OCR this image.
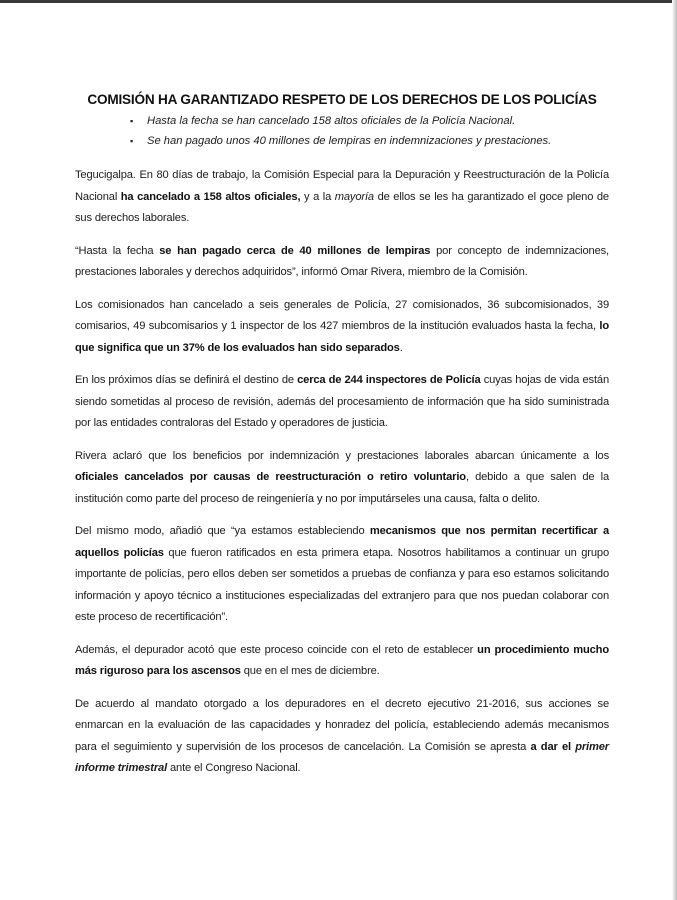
COMISIÓN HA GARANTIZADO RESPETO DE LOS DERECHOS DE LOS POLICÍAS
▪ Hasta la fecha se han cancelado 158 altos oficiales de la Policía Nacional.
▪ Se han pagado unos 40 millones de lempiras en indemnizaciones y prestaciones.

Tegucigalpa. En 80 días de trabajo, la Comisión Especial para la Depuración y Reestructuración de la Policía Nacional ha cancelado a 158 altos oficiales, y a la mayoría de ellos se les ha garantizado el goce pleno de sus derechos laborales.

“Hasta la fecha se han pagado cerca de 40 millones de lempiras por concepto de indemnizaciones, prestaciones laborales y derechos adquiridos”, informó Omar Rivera, miembro de la Comisión.

Los comisionados han cancelado a seis generales de Policía, 27 comisionados, 36 subcomisionados, 39 comisarios, 49 subcomisarios y 1 inspector de los 427 miembros de la institución evaluados hasta la fecha, lo que significa que un 37% de los evaluados han sido separados.

En los próximos días se definirá el destino de cerca de 244 inspectores de Policía cuyas hojas de vida están siendo sometidas al proceso de revisión, además del procesamiento de información que ha sido suministrada por las entidades contraloras del Estado y operadores de justicia.

Rivera aclaró que los beneficios por indemnización y prestaciones laborales abarcan únicamente a los oficiales cancelados por causas de reestructuración o retiro voluntario, debido a que salen de la institución como parte del proceso de reingeniería y no por imputárseles una causa, falta o delito.

Del mismo modo, añadió que “ya estamos estableciendo mecanismos que nos permitan recertificar a aquellos policías que fueron ratificados en esta primera etapa. Nosotros habilitamos a continuar un grupo importante de policías, pero ellos deben ser sometidos a pruebas de confianza y para eso estamos solicitando información y apoyo técnico a instituciones especializadas del extranjero para que nos puedan colaborar con este proceso de recertificación”.

Además, el depurador acotó que este proceso coincide con el reto de establecer un procedimiento mucho más riguroso para los ascensos que en el mes de diciembre.

De acuerdo al mandato otorgado a los depuradores en el decreto ejecutivo 21-2016, sus acciones se enmarcan en la evaluación de las capacidades y honradez del policía, estableciendo además mecanismos para el seguimiento y supervisión de los procesos de cancelación. La Comisión se apresta a dar el primer informe trimestral ante el Congreso Nacional.
